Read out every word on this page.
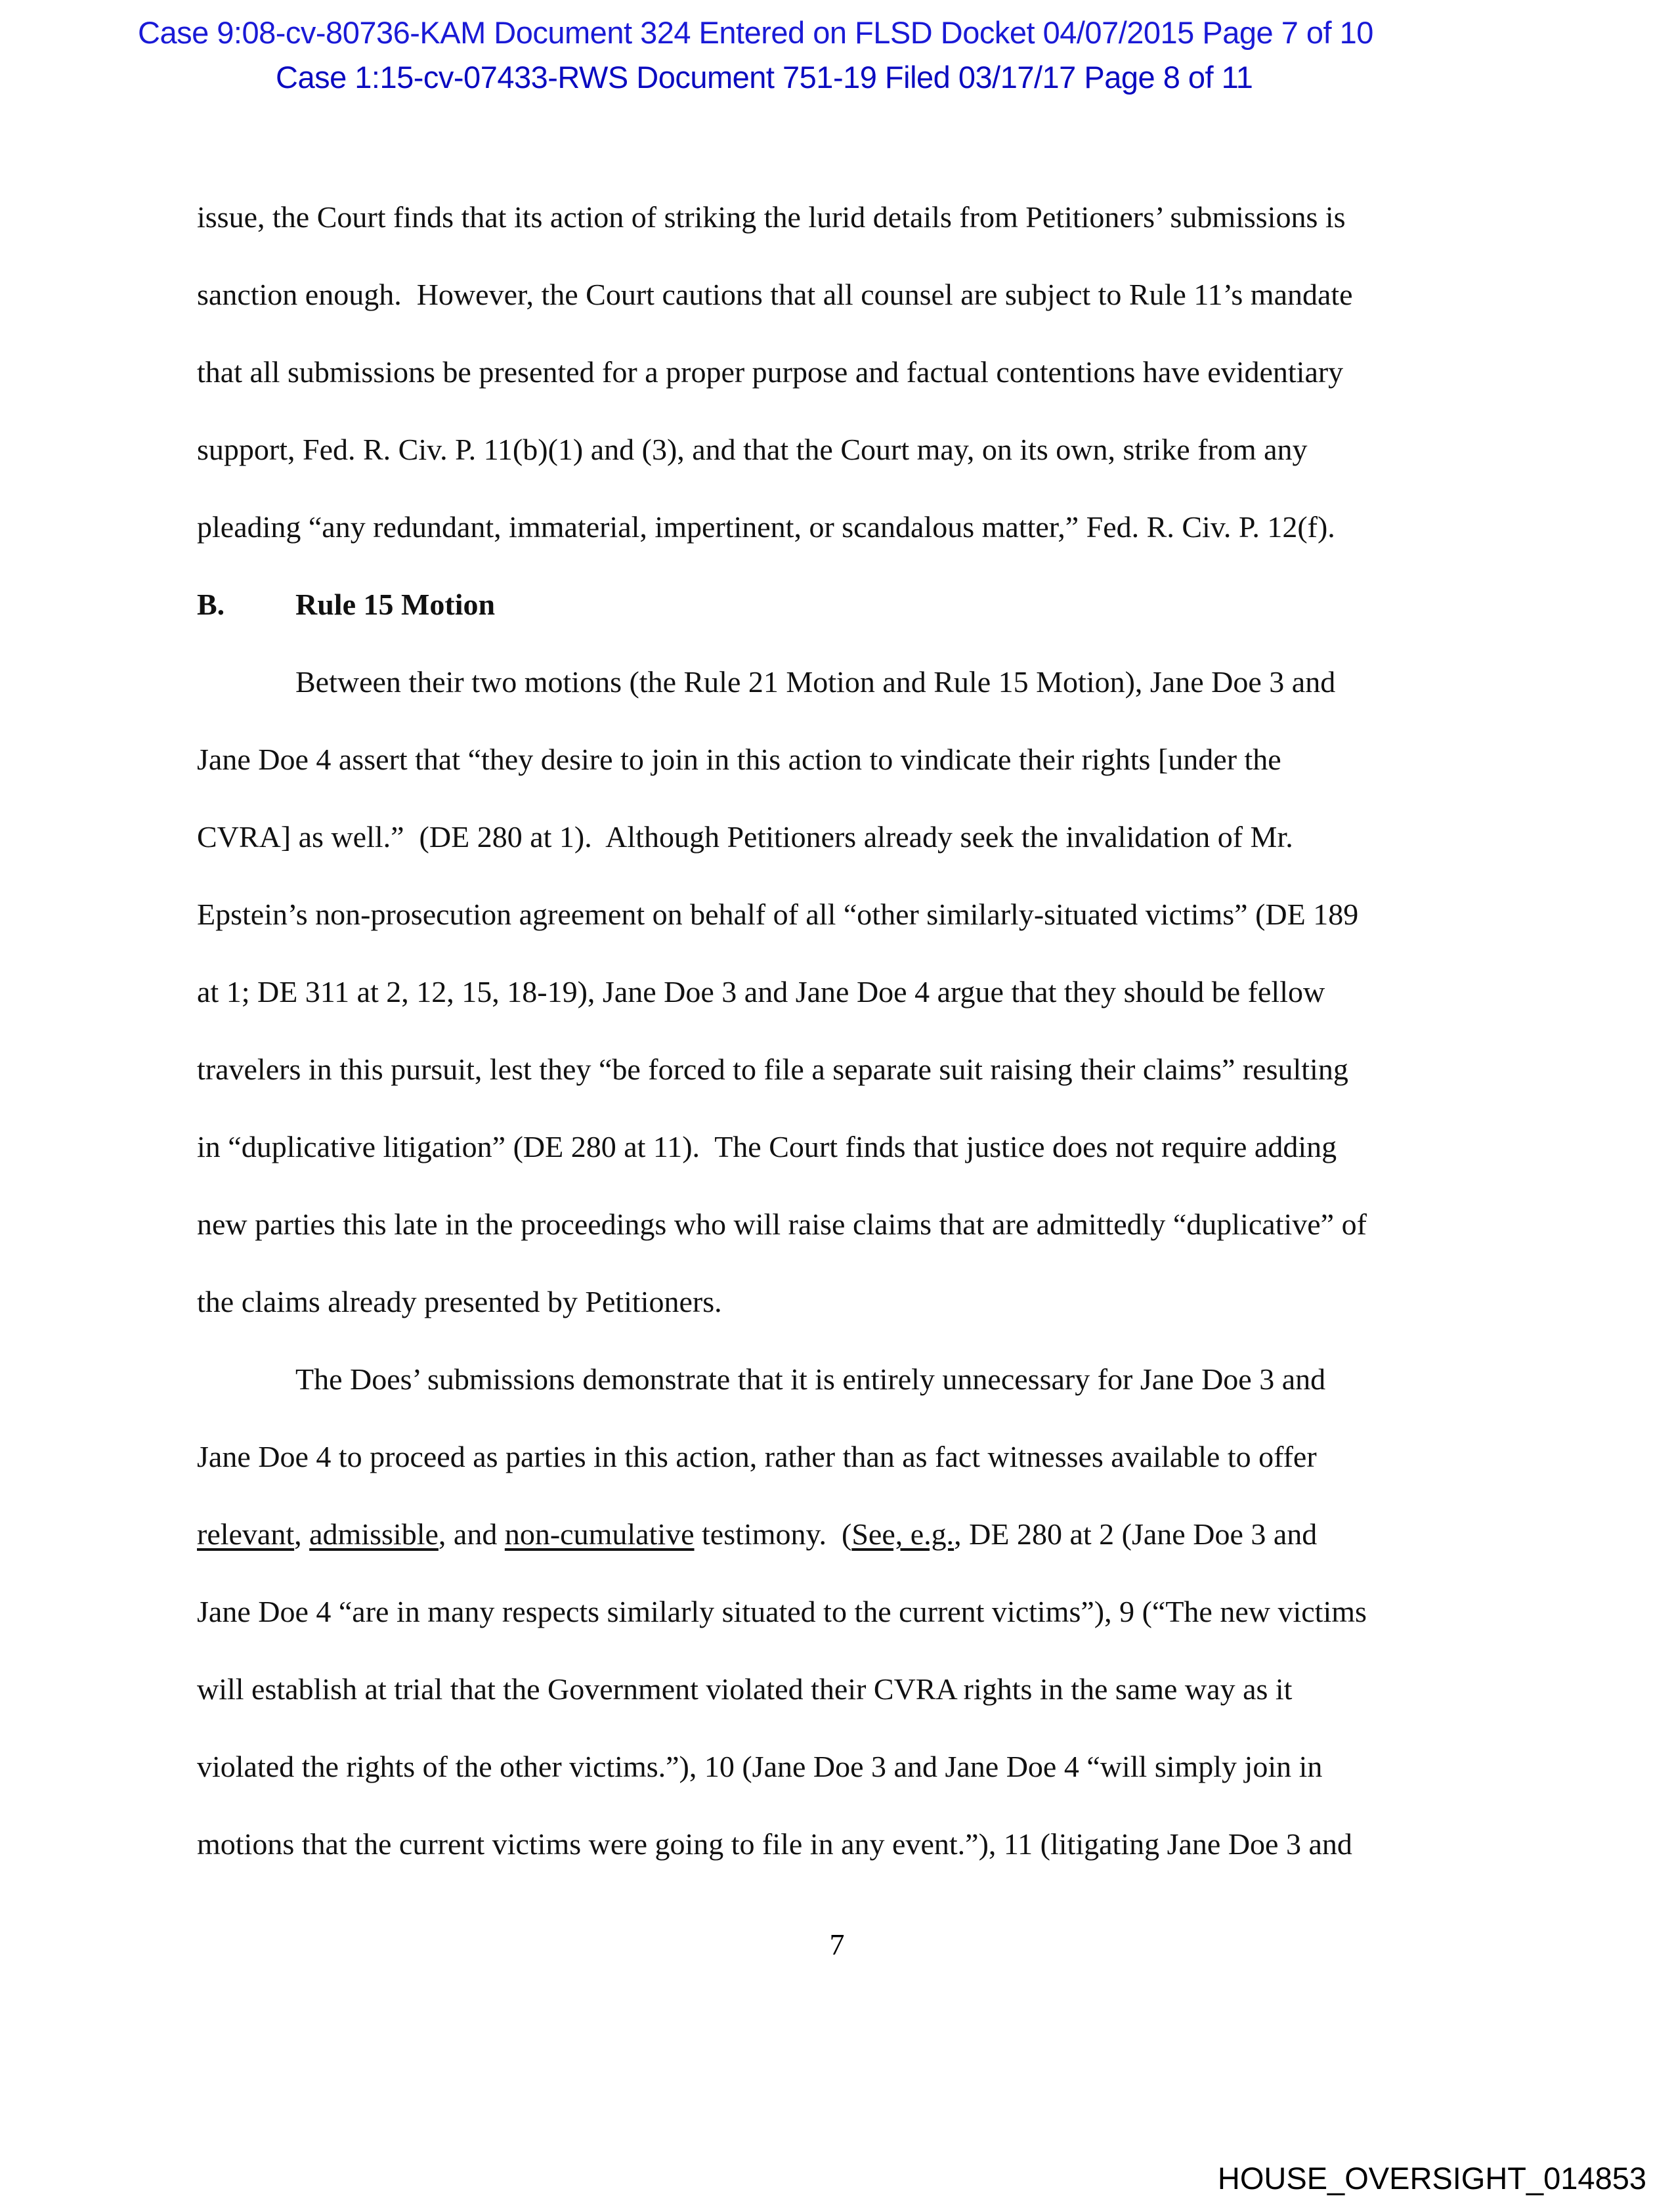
Case 9:08-cv-80736-KAM Document 324 Entered on FLSD Docket 04/07/2015 Page 7 of 10
Case 1:15-cv-07433-RWS Document 751-19 Filed 03/17/17 Page 8 of 11
issue, the Court finds that its action of striking the lurid details from Petitioners’ submissions is
sanction enough.  However, the Court cautions that all counsel are subject to Rule 11’s mandate
that all submissions be presented for a proper purpose and factual contentions have evidentiary
support, Fed. R. Civ. P. 11(b)(1) and (3), and that the Court may, on its own, strike from any
pleading “any redundant, immaterial, impertinent, or scandalous matter,” Fed. R. Civ. P. 12(f).
B. Rule 15 Motion
Between their two motions (the Rule 21 Motion and Rule 15 Motion), Jane Doe 3 and
Jane Doe 4 assert that “they desire to join in this action to vindicate their rights [under the
CVRA] as well.”  (DE 280 at 1).  Although Petitioners already seek the invalidation of Mr.
Epstein’s non-prosecution agreement on behalf of all “other similarly-situated victims” (DE 189
at 1; DE 311 at 2, 12, 15, 18-19), Jane Doe 3 and Jane Doe 4 argue that they should be fellow
travelers in this pursuit, lest they “be forced to file a separate suit raising their claims” resulting
in “duplicative litigation” (DE 280 at 11).  The Court finds that justice does not require adding
new parties this late in the proceedings who will raise claims that are admittedly “duplicative” of
the claims already presented by Petitioners.
The Does’ submissions demonstrate that it is entirely unnecessary for Jane Doe 3 and
Jane Doe 4 to proceed as parties in this action, rather than as fact witnesses available to offer
relevant, admissible, and non-cumulative testimony.  (See, e.g., DE 280 at 2 (Jane Doe 3 and
Jane Doe 4 “are in many respects similarly situated to the current victims”), 9 (“The new victims
will establish at trial that the Government violated their CVRA rights in the same way as it
violated the rights of the other victims.”), 10 (Jane Doe 3 and Jane Doe 4 “will simply join in
motions that the current victims were going to file in any event.”), 11 (litigating Jane Doe 3 and
7
HOUSE_OVERSIGHT_014853
